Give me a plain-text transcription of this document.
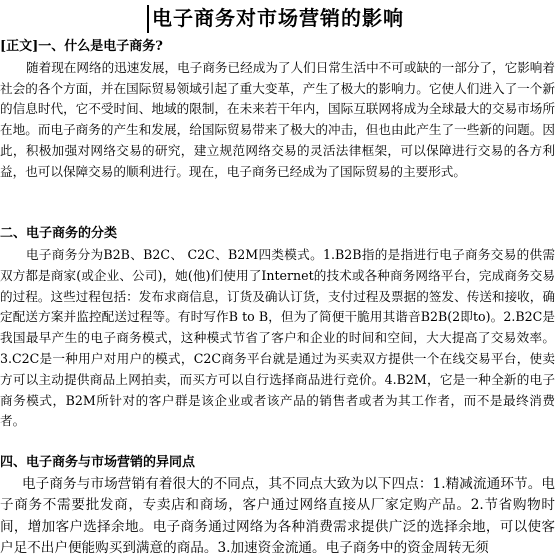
电子商务对市场营销的影响
[正文]一、什么是电子商务?

随着现在网络的迅速发展，电子商务已经成为了人们日常生活中不可或缺的一部分了，它影响着社会的各个方面，并在国际贸易领域引起了重大变革，产生了极大的影响力。它使人们进入了一个新的信息时代，它不受时间、地域的限制，在未来若干年内，国际互联网将成为全球最大的交易市场所在地。而电子商务的产生和发展，给国际贸易带来了极大的冲击，但也由此产生了一些新的问题。因此，积极加强对网络交易的研究，建立规范网络交易的灵活法律框架，可以保障进行交易的各方利益，也可以保障交易的顺利进行。现在，电子商务已经成为了国际贸易的主要形式。

二、电子商务的分类

电子商务分为B2B、B2C、 C2C、B2M四类模式。1.B2B指的是指进行电子商务交易的供需双方都是商家(或企业、公司)，她(他)们使用了Internet的技术或各种商务网络平台，完成商务交易的过程。这些过程包括：发布求商信息，订货及确认订货，支付过程及票据的签发、传送和接收，确定配送方案并监控配送过程等。有时写作B to B，但为了简便干脆用其谐音B2B(2即to)。2.B2C是我国最早产生的电子商务模式，这种模式节省了客户和企业的时间和空间，大大提高了交易效率。3.C2C是一种用户对用户的模式，C2C商务平台就是通过为买卖双方提供一个在线交易平台，使卖方可以主动提供商品上网拍卖，而买方可以自行选择商品进行竞价。4.B2M，它是一种全新的电子商务模式，B2M所针对的客户群是该企业或者该产品的销售者或者为其工作者，而不是最终消费者。

四、电子商务与市场营销的异同点

电子商务与市场营销有着很大的不同点，其不同点大致为以下四点：1.精减流通环节。电子商务不需要批发商，专卖店和商场，客户通过网络直接从厂家定购产品。2.节省购物时间，增加客户选择余地。电子商务通过网络为各种消费需求提供广泛的选择余地，可以使客户足不出户便能购买到满意的商品。3.加速资金流通。电子商务中的资金周转无须
